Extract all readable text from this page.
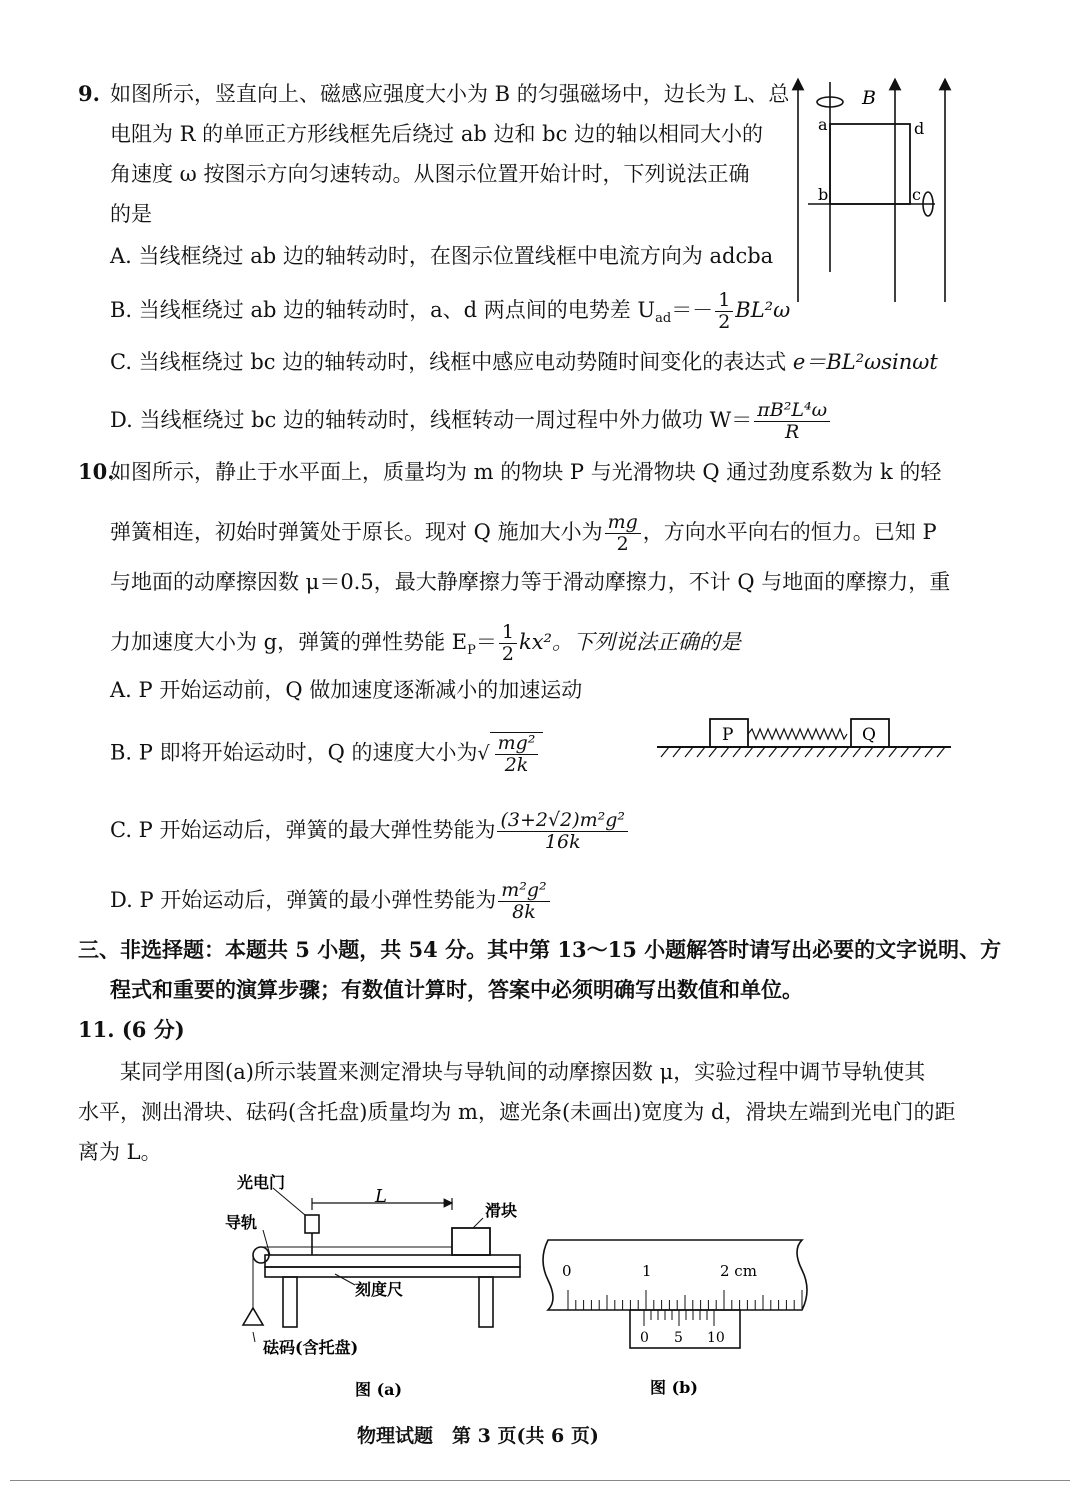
9. 如图所示，竖直向上、磁感应强度大小为 B 的匀强磁场中，边长为 L、总
电阻为 R 的单匝正方形线框先后绕过 ab 边和 bc 边的轴以相同大小的
角速度 ω 按图示方向匀速转动。从图示位置开始计时，下列说法正确
的是
A. 当线框绕过 ab 边的轴转动时，在图示位置线框中电流方向为 adcba
B. 当线框绕过 ab 边的轴转动时，a、d 两点间的电势差 $U_{ad}=- \frac{1}{2} BL^2\omega$
C. 当线框绕过 bc 边的轴转动时，线框中感应电动势随时间变化的表达式 e＝BL²ωsinωt
D. 当线框绕过 bc 边的轴转动时，线框转动一周过程中外力做功 $W= \frac{\text{πB²L⁴ω}}{R}$
B
a	d
b	c
10.
如图所示，静止于水平面上，质量均为 m 的物块 P 与光滑物块 Q 通过劲度系数为 k 的轻
弹簧相连，初始时弹簧处于原长。现对 Q 施加大小为 $\frac{mg}{2}$ ，方向水平向右的恒力。已知 P
与地面的动摩擦因数 μ＝0.5，最大静摩擦力等于滑动摩擦力，不计 Q 与地面的摩擦力，重
力加速度大小为 g，弹簧的弹性势能 $E_P= \frac{1}{2} kx^2$。下列说法正确的是
A. P 开始运动前，Q 做加速度逐渐减小的加速运动
B. P 即将开始运动时，Q 的速度大小为√ $\frac{\text{mg²}}{2k}$
C. P 开始运动后，弹簧的最大弹性势能为 $\frac{\text{(3+2√2)m²g²}}{16k}$
D. P 开始运动后，弹簧的最小弹性势能为 $\frac{\text{m²g²}}{8k}$
P	Q
三、非选择题：本题共 5 小题，共 54 分。其中第 13～15 小题解答时请写出必要的文字说明、方
程式和重要的演算步骤；有数值计算时，答案中必须明确写出数值和单位。
11. (6 分)
某同学用图(a)所示装置来测定滑块与导轨间的动摩擦因数 μ，实验过程中调节导轨使其
水平，测出滑块、砝码(含托盘)质量均为 m，遮光条(未画出)宽度为 d，滑块左端到光电门的距
离为 L。
光电门
L
滑块
导轨
刻度尺
砝码(含托盘)
图 (a)
0	1	2 cm
0 5 10
图 (b)
物理试题　第 3 页(共 6 页)
